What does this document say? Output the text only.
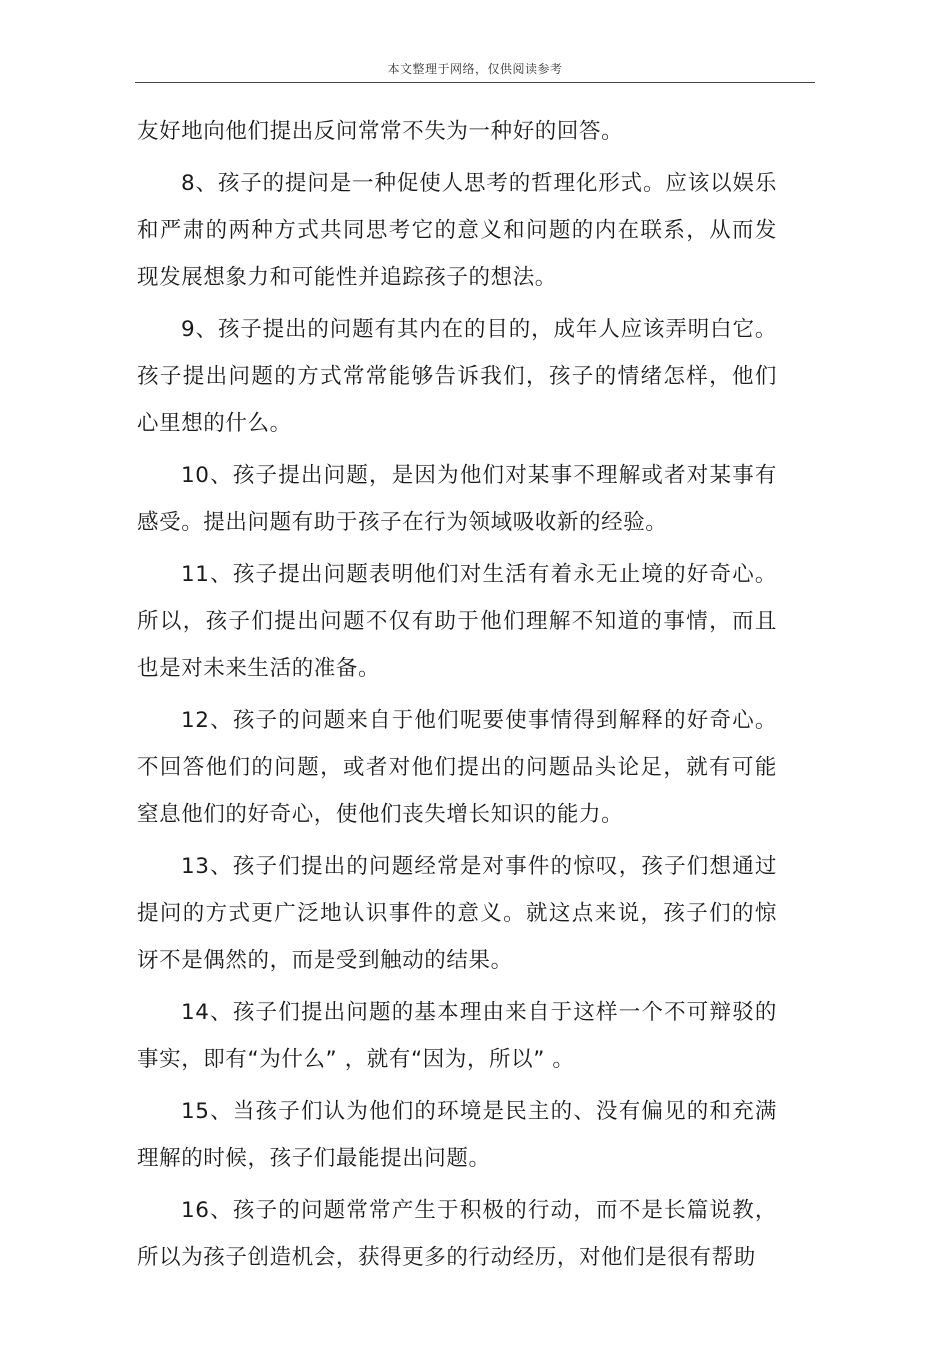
本文整理于网络，仅供阅读参考

友好地向他们提出反问常常不失为一种好的回答。

8、孩子的提问是一种促使人思考的哲理化形式。应该以娱乐和严肃的两种方式共同思考它的意义和问题的内在联系，从而发现发展想象力和可能性并追踪孩子的想法。

9、孩子提出的问题有其内在的目的，成年人应该弄明白它。孩子提出问题的方式常常能够告诉我们，孩子的情绪怎样，他们心里想的什么。

10、孩子提出问题，是因为他们对某事不理解或者对某事有感受。提出问题有助于孩子在行为领域吸收新的经验。

11、孩子提出问题表明他们对生活有着永无止境的好奇心。所以，孩子们提出问题不仅有助于他们理解不知道的事情，而且也是对未来生活的准备。

12、孩子的问题来自于他们呢要使事情得到解释的好奇心。不回答他们的问题，或者对他们提出的问题品头论足，就有可能窒息他们的好奇心，使他们丧失增长知识的能力。

13、孩子们提出的问题经常是对事件的惊叹，孩子们想通过提问的方式更广泛地认识事件的意义。就这点来说，孩子们的惊讶不是偶然的，而是受到触动的结果。

14、孩子们提出问题的基本理由来自于这样一个不可辩驳的事实，即有“为什么” ，就有“因为，所以” 。

15、当孩子们认为他们的环境是民主的、没有偏见的和充满理解的时候，孩子们最能提出问题。

16、孩子的问题常常产生于积极的行动，而不是长篇说教，所以为孩子创造机会，获得更多的行动经历，对他们是很有帮助
